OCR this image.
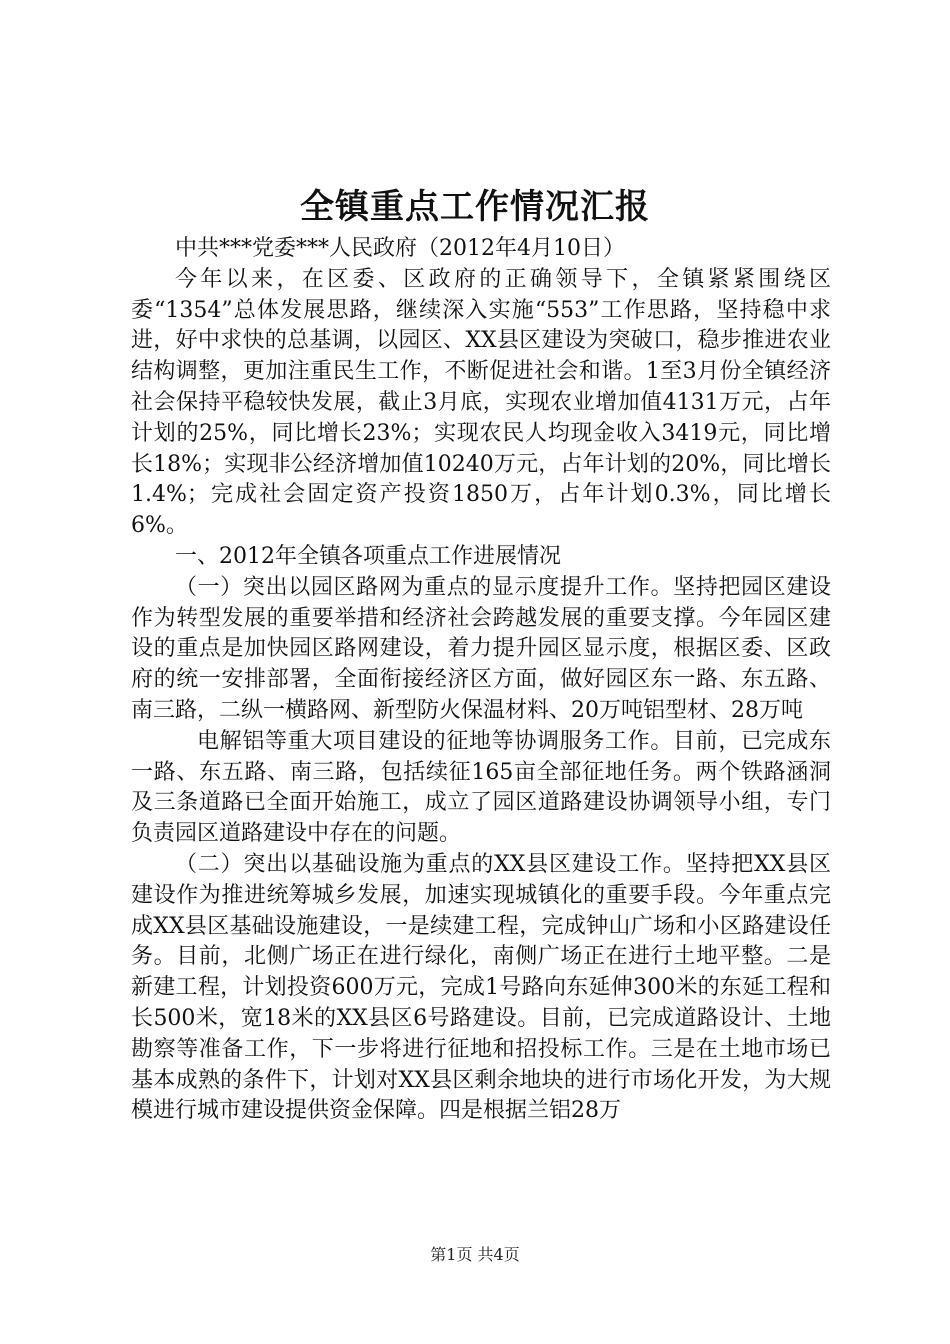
全镇重点工作情况汇报

中共***党委***人民政府（2012年4月10日）

今年以来，在区委、区政府的正确领导下，全镇紧紧围绕区委“1354”总体发展思路，继续深入实施“553”工作思路，坚持稳中求进，好中求快的总基调，以园区、XX县区建设为突破口，稳步推进农业结构调整，更加注重民生工作，不断促进社会和谐。1至3月份全镇经济社会保持平稳较快发展，截止3月底，实现农业增加值4131万元，占年计划的25%，同比增长23%；实现农民人均现金收入3419元，同比增长18%；实现非公经济增加值10240万元，占年计划的20%，同比增长1.4%；完成社会固定资产投资1850万，占年计划0.3%，同比增长6%。

一、2012年全镇各项重点工作进展情况

（一）突出以园区路网为重点的显示度提升工作。坚持把园区建设作为转型发展的重要举措和经济社会跨越发展的重要支撑。今年园区建设的重点是加快园区路网建设，着力提升园区显示度，根据区委、区政府的统一安排部署，全面衔接经济区方面，做好园区东一路、东五路、南三路，二纵一横路网、新型防火保温材料、20万吨铝型材、28万吨

电解铝等重大项目建设的征地等协调服务工作。目前，已完成东一路、东五路、南三路，包括续征165亩全部征地任务。两个铁路涵洞及三条道路已全面开始施工，成立了园区道路建设协调领导小组，专门负责园区道路建设中存在的问题。

（二）突出以基础设施为重点的XX县区建设工作。坚持把XX县区建设作为推进统筹城乡发展，加速实现城镇化的重要手段。今年重点完成XX县区基础设施建设，一是续建工程，完成钟山广场和小区路建设任务。目前，北侧广场正在进行绿化，南侧广场正在进行土地平整。二是新建工程，计划投资600万元，完成1号路向东延伸300米的东延工程和长500米，宽18米的XX县区6号路建设。目前，已完成道路设计、土地勘察等准备工作，下一步将进行征地和招投标工作。三是在土地市场已基本成熟的条件下，计划对XX县区剩余地块的进行市场化开发，为大规模进行城市建设提供资金保障。四是根据兰铝28万

第1页 共4页
